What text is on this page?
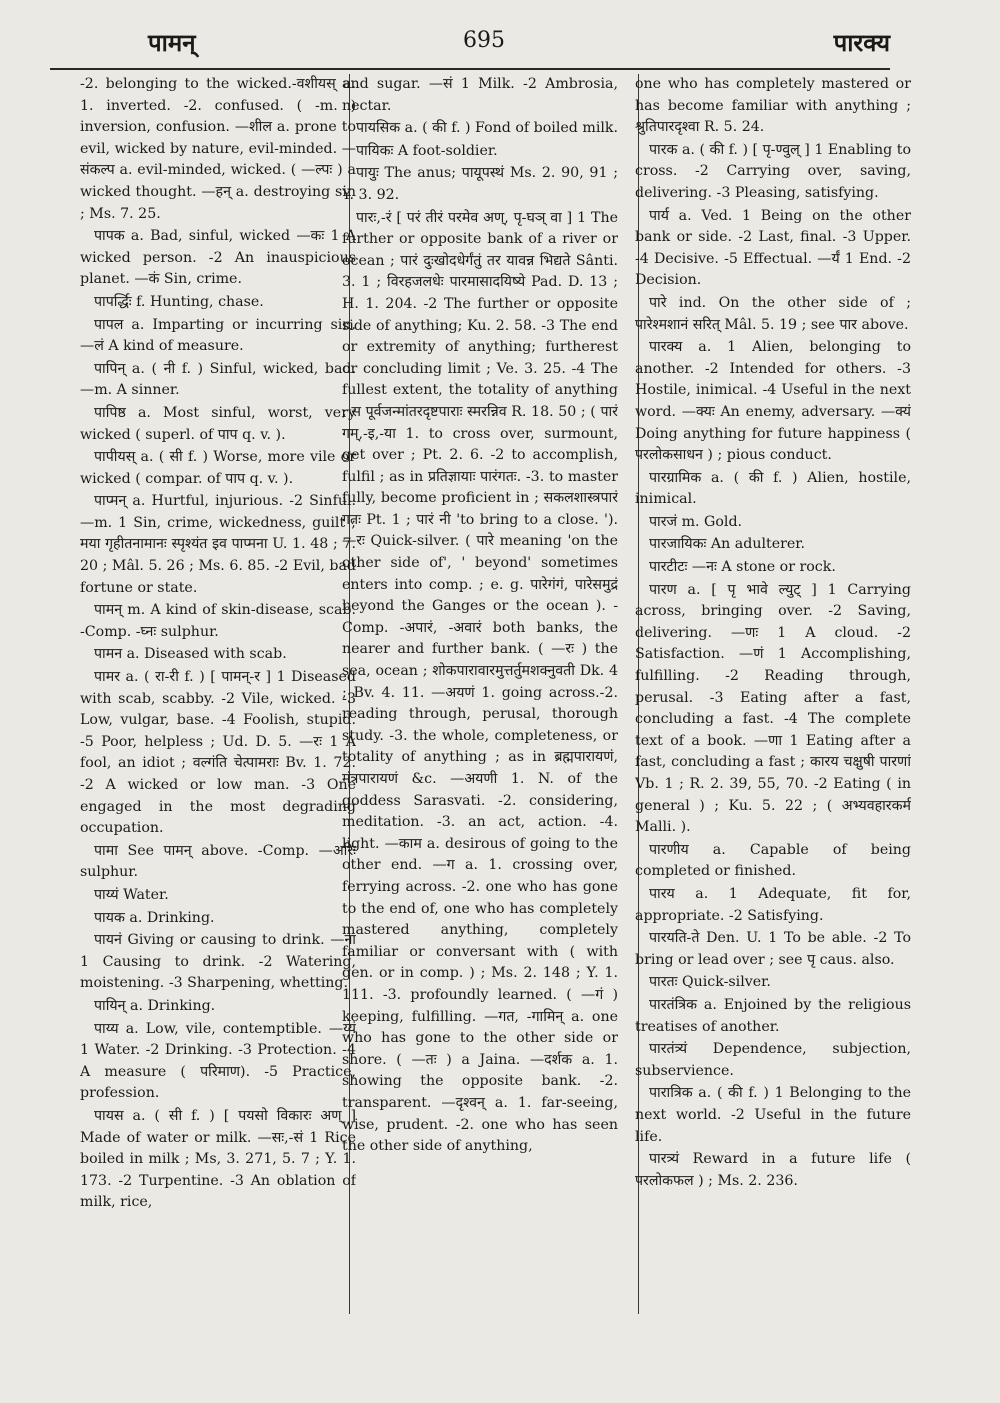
पामन्	695	पारक्य
-2. belonging to the wicked.-वशीयस् a. 1. inverted. -2. confused. ( -m. ) inversion, confusion. —शील a. prone to evil, wicked by nature, evil-minded. —संकल्प a. evil-minded, wicked. ( —ल्पः ) a wicked thought. —हन् a. destroying sin ; Ms. 7. 25.
पापक a. Bad, sinful, wicked —कः 1 A wicked person. -2 An inauspicious planet. —कं Sin, crime.
पापर्द्धिः f. Hunting, chase.
पापल a. Imparting or incurring sin. —लं A kind of measure.
पापिन् a. ( नी f. ) Sinful, wicked, bad. —m. A sinner.
पापिष्ठ a. Most sinful, worst, very wicked ( superl. of पाप q. v. ).
पापीयस् a. ( सी f. ) Worse, more vile or wicked ( compar. of पाप q. v. ).
पाप्मन् a. Hurtful, injurious. -2 Sinful. —m. 1 Sin, crime, wickedness, guilt ; मया गृहीतनामानः स्पृश्यंत इव पाप्मना U. 1. 48 ; 7. 20 ; Mâl. 5. 26 ; Ms. 6. 85. -2 Evil, bad fortune or state.
पामन् m. A kind of skin-disease, scab. -Comp. -घ्नः sulphur.
पामन a. Diseased with scab.
पामर a. ( रा-री f. ) [ पामन्-र ] 1 Diseased with scab, scabby. -2 Vile, wicked. -3 Low, vulgar, base. -4 Foolish, stupid. -5 Poor, helpless ; Ud. D. 5. —रः 1 A fool, an idiot ; वल्गंति चेत्पामराः Bv. 1. 72. -2 A wicked or low man. -3 One engaged in the most degrading occupation.
पामा See पामन् above. -Comp. —अरिः sulphur.
पाय्यं Water.
पायक a. Drinking.
पायनं Giving or causing to drink. —ना 1 Causing to drink. -2 Watering, moistening. -3 Sharpening, whetting.
पायिन् a. Drinking.
पाय्य a. Low, vile, contemptible. —य्यं 1 Water. -2 Drinking. -3 Protection. -4 A measure ( परिमाण). -5 Practice, profession.
पायस a. ( सी f. ) [ पयसो विकारः अण् ] Made of water or milk. —सः,-सं 1 Rice boiled in milk ; Ms, 3. 271, 5. 7 ; Y. 1. 173. -2 Turpentine. -3 An oblation of milk, rice,
and sugar. —सं 1 Milk. -2 Ambrosia, nectar.
पायसिक a. ( की f. ) Fond of boiled milk.
पायिकः A foot-soldier.
पायुः The anus; पायूपस्थं Ms. 2. 90, 91 ; Y. 3. 92.
पारः,-रं [ परं तीरं परमेव अण्, पृ-घञ् वा ] 1 The further or opposite bank of a river or ocean ; पारं दुःखोदधेर्गंतुं तर यावन्न भिद्यते Sânti. 3. 1 ; विरहजलधेः पारमासादयिष्ये Pad. D. 13 ; H. 1. 204. -2 The further or opposite side of anything; Ku. 2. 58. -3 The end or extremity of anything; furtherest or concluding limit ; Ve. 3. 25. -4 The fullest extent, the totality of anything ; स पूर्वजन्मांतरदृष्टपाराः स्मरन्निव R. 18. 50 ; ( पारं गम्,-इ,-या 1. to cross over, surmount, get over ; Pt. 2. 6. -2 to accomplish, fulfil ; as in प्रतिज्ञायाः पारंगतः. -3. to master fully, become proficient in ; सकलशास्त्रपारं गतः Pt. 1 ; पारं नी 'to bring to a close. '). —रः Quick-silver. ( पारे meaning 'on the other side of', ' beyond' sometimes enters into comp. ; e. g. पारेगंगं, पारेसमुद्रं beyond the Ganges or the ocean ). -Comp. -अपारं, -अवारं both banks, the nearer and further bank. ( —रः ) the sea, ocean ; शोकपारावारमुत्तर्तुमशक्नुवती Dk. 4 ; Bv. 4. 11. —अयणं 1. going across.-2. reading through, perusal, thorough study. -3. the whole, completeness, or totality of anything ; as in ब्रह्मपारायणं, मंत्रपारायणं &c. —अयणी 1. N. of the goddess Sarasvati. -2. considering, meditation. -3. an act, action. -4. light. —काम a. desirous of going to the other end. —ग a. 1. crossing over, ferrying across. -2. one who has gone to the end of, one who has completely mastered anything, completely familiar or conversant with ( with gen. or in comp. ) ; Ms. 2. 148 ; Y. 1. 111. -3. profoundly learned. ( —गं ) keeping, fulfilling. —गत, -गामिन् a. one who has gone to the other side or shore. ( —तः ) a Jaina. —दर्शक a. 1. showing the opposite bank. -2. transparent. —दृश्वन् a. 1. far-seeing, wise, prudent. -2. one who has seen the other side of anything,
one who has completely mastered or has become familiar with anything ; श्रुतिपारदृश्वा R. 5. 24.
पारक a. ( की f. ) [ पृ-ण्वुल् ] 1 Enabling to cross. -2 Carrying over, saving, delivering. -3 Pleasing, satisfying.
पार्य a. Ved. 1 Being on the other bank or side. -2 Last, final. -3 Upper. -4 Decisive. -5 Effectual. —र्यं 1 End. -2 Decision.
पारे ind. On the other side of ; पारेश्मशानं सरित् Mâl. 5. 19 ; see पार above.
पारक्य a. 1 Alien, belonging to another. -2 Intended for others. -3 Hostile, inimical. -4 Useful in the next word. —क्यः An enemy, adversary. —क्यं Doing anything for future happiness ( परलोकसाधन ) ; pious conduct.
पारग्रामिक a. ( की f. ) Alien, hostile, inimical.
पारजं m. Gold.
पारजायिकः An adulterer.
पारटीटः —नः A stone or rock.
पारण a. [ पृ भावे ल्युट् ] 1 Carrying across, bringing over. -2 Saving, delivering. —णः 1 A cloud. -2 Satisfaction. —णं 1 Accomplishing, fulfilling. -2 Reading through, perusal. -3 Eating after a fast, concluding a fast. -4 The complete text of a book. —णा 1 Eating after a fast, concluding a fast ; कारय चक्षुषी पारणां Vb. 1 ; R. 2. 39, 55, 70. -2 Eating ( in general ) ; Ku. 5. 22 ; ( अभ्यवहारकर्म Malli. ).
पारणीय a. Capable of being completed or finished.
पारय a. 1 Adequate, fit for, appropriate. -2 Satisfying.
पारयति-ते Den. U. 1 To be able. -2 To bring or lead over ; see पृ caus. also.
पारतः Quick-silver.
पारतंत्रिक a. Enjoined by the religious treatises of another.
पारतंत्र्यं Dependence, subjection, subservience.
पारात्रिक a. ( की f. ) 1 Belonging to the next world. -2 Useful in the future life.
पारत्र्यं Reward in a future life ( परलोकफल ) ; Ms. 2. 236.
